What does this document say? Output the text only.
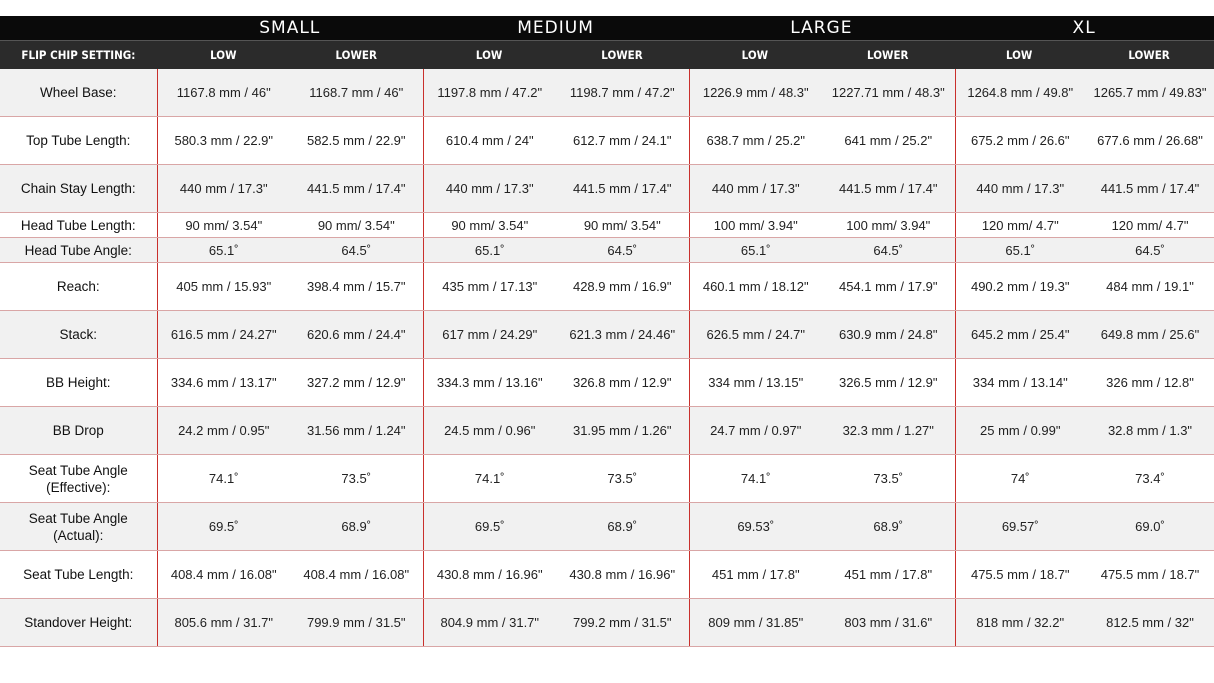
SMALL	MEDIUM	LARGE	XL
FLIP CHIP SETTING:	LOW	LOWER	LOW	LOWER	LOW	LOWER	LOW	LOWER
Wheel Base:	1167.8 mm / 46"	1168.7 mm / 46"	1197.8 mm / 47.2"	1198.7 mm / 47.2"	1226.9 mm / 48.3"	1227.71 mm / 48.3"	1264.8 mm / 49.8"	1265.7 mm / 49.83"
Top Tube Length:	580.3 mm / 22.9"	582.5 mm / 22.9"	610.4 mm / 24"	612.7 mm / 24.1"	638.7 mm / 25.2"	641 mm / 25.2"	675.2 mm / 26.6"	677.6 mm / 26.68"
Chain Stay Length:	440 mm / 17.3"	441.5 mm / 17.4"	440 mm / 17.3"	441.5 mm / 17.4"	440 mm / 17.3"	441.5 mm / 17.4"	440 mm / 17.3"	441.5 mm / 17.4"
Head Tube Length:	90 mm/ 3.54"	90 mm/ 3.54"	90 mm/ 3.54"	90 mm/ 3.54"	100 mm/ 3.94"	100 mm/ 3.94"	120 mm/ 4.7"	120 mm/ 4.7"
Head Tube Angle:	65.1˚	64.5˚	65.1˚	64.5˚	65.1˚	64.5˚	65.1˚	64.5˚
Reach:	405 mm / 15.93"	398.4 mm / 15.7"	435 mm / 17.13"	428.9 mm / 16.9"	460.1 mm / 18.12"	454.1 mm / 17.9"	490.2 mm / 19.3"	484 mm / 19.1"
Stack:	616.5 mm / 24.27"	620.6 mm / 24.4"	617 mm / 24.29"	621.3 mm / 24.46"	626.5 mm / 24.7"	630.9 mm / 24.8"	645.2 mm / 25.4"	649.8 mm / 25.6"
BB Height:	334.6 mm / 13.17"	327.2 mm / 12.9"	334.3 mm / 13.16"	326.8 mm / 12.9"	334 mm / 13.15"	326.5 mm / 12.9"	334 mm / 13.14"	326 mm / 12.8"
BB Drop	24.2 mm / 0.95"	31.56 mm / 1.24"	24.5 mm / 0.96"	31.95 mm / 1.26"	24.7 mm / 0.97"	32.3 mm / 1.27"	25 mm / 0.99"	32.8 mm / 1.3"
Seat Tube Angle (Effective):	74.1˚	73.5˚	74.1˚	73.5˚	74.1˚	73.5˚	74˚	73.4˚
Seat Tube Angle (Actual):	69.5˚	68.9˚	69.5˚	68.9˚	69.53˚	68.9˚	69.57˚	69.0˚
Seat Tube Length:	408.4 mm / 16.08"	408.4 mm / 16.08"	430.8 mm / 16.96"	430.8 mm / 16.96"	451 mm / 17.8"	451 mm / 17.8"	475.5 mm / 18.7"	475.5 mm / 18.7"
Standover Height:	805.6 mm / 31.7"	799.9 mm / 31.5"	804.9 mm / 31.7"	799.2 mm / 31.5"	809 mm / 31.85"	803 mm / 31.6"	818 mm / 32.2"	812.5 mm / 32"
